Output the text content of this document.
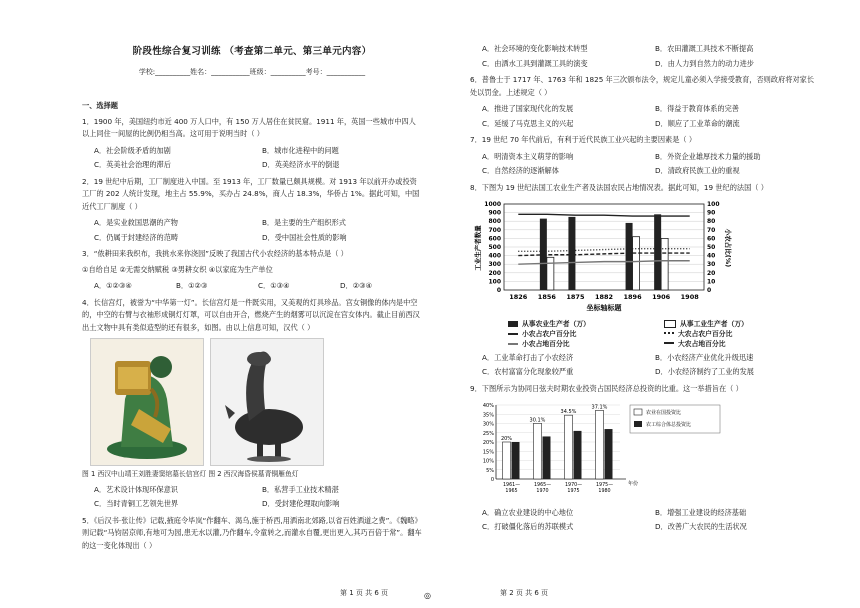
阶段性综合复习训练 （考查第二单元、第三单元内容）
学校:__________姓名：___________班级：__________考号：___________
一、选择题

1．1900 年，美国纽约市近 400 万人口中，有 150 万人居住在贫民窟。1911 年，英国一些城市中四人以上同住一间屋的比例仍相当高。这可用于说明当时（ ）

A．社会阶级矛盾的加剧	B．城市化进程中的问题
C．英美社会治理的滞后	D．英美经济水平的倒退

2．19 世纪中后期，工厂制度进入中国。至 1913 年，工厂数量已颇具规模。对 1913 年以前开办或投资工厂的 202 人统计发现，地主占 55.9%，买办占 24.8%，商人占 18.3%，华侨占 1%。据此可知，中国近代工厂制度（ ）

A．是实业救国思潮的产物	B．是主要的生产组织形式
C．仍属于封建经济的范畴	D．受中国社会性质的影响

3．“侬耕田来我织布，我挑水来你浇园”反映了我国古代小农经济的基本特点是（ ）

①自给自足 ②无需交纳赋税 ③男耕女织 ④以家庭为生产单位

A．①②③④	B．①②③	C．①③④	D．②③④

4．长信宫灯，被誉为“中华第一灯”。长信宫灯是一件既实用，又美观的灯具珍品。宫女铜像的体内是中空的，中空的右臂与衣袖形成铜灯灯罩，可以自由开合，燃烧产生的烟雾可以沉淀在宫女体内。截止目前西汉出土文物中具有类似造型的还有很多，如图。由以上信息可知，汉代（ ）

图 1 西汉中山靖王刘胜妻窦绾墓长信宫灯 图 2 西汉海昏侯墓青铜雁鱼灯
A．艺术设计体现环保意识	B．私营手工业技术精湛
C．当时青铜工艺领先世界	D．受封建伦理取向影响

5．《后汉书·张让传》记载,掖庭令毕岚“作翻车、渴乌,施于桥西,用洒南北郊路,以省百姓洒道之费”。《魏略》则记载“马钧居京师,有地可为园,患无水以灌,乃作翻车,令童转之,而灌水自覆,更出更入,其巧百倍于常”。翻车的这一变化体现出（ ）

第 1 页 共 6 页	◎
A．社会环境的变化影响技术转型	B．农田灌溉工具技术不断提高
C．由洒水工具到灌溉工具的演变	D．由人力到自然力的动力进步

6．普鲁士于 1717 年、1763 年和 1825 年三次颁布法令，规定儿童必须入学接受教育，否则政府将对家长处以罚金。上述规定（ ）

A．推进了国家现代化的发展	B．得益于教育体系的完善
C．延缓了马克思主义的兴起	D．顺应了工业革命的潮流

7．19 世纪 70 年代前后，有利于近代民族工业兴起的主要因素是（ ）

A．明清资本主义萌芽的影响	B．外资企业雄厚技术力量的援助
C．自然经济的逐渐解体	D．清政府民族工业的重视

8．下图为 19 世纪法国工农业生产者及法国农民占地情况表。据此可知，19 世纪的法国（ ）

0
100
200
300
400
500
600
700
800
900
1000
0
10
20
30
40
50
60
70
80
90
100
1826 1856 1875 1882 1896 1906 1908
工业生产者数量	小农占比(%)
坐标轴标题
从事农业生产者（万）	从事工业生产者（万）
小农占农户百分比	大农占农户百分比
小农占地百分比	大农占地百分比
A．工业革命打击了小农经济	B．小农经济产业优化升级迅速
C．农村富富分化现象较严重	D．小农经济制约了工业的发展

9．下图所示为协同日弦夫时期农业投资占国民经济总投资的比重。这一举措旨在（ ）

0
5%
10%
15%
20%
25%
30%
35%
40%
20%
1961—
1965
30.1%
1965—
1970
34.5%
1970—
1975
37.1%
1975—
1980
年份
农业在国投资比
农工综合体总投资比
A．确立农业建设的中心地位	B．增强工业建设的经济基础
C．打破僵化落后的苏联模式	D．改善广大农民的生活状况
第 2 页 共 6 页
